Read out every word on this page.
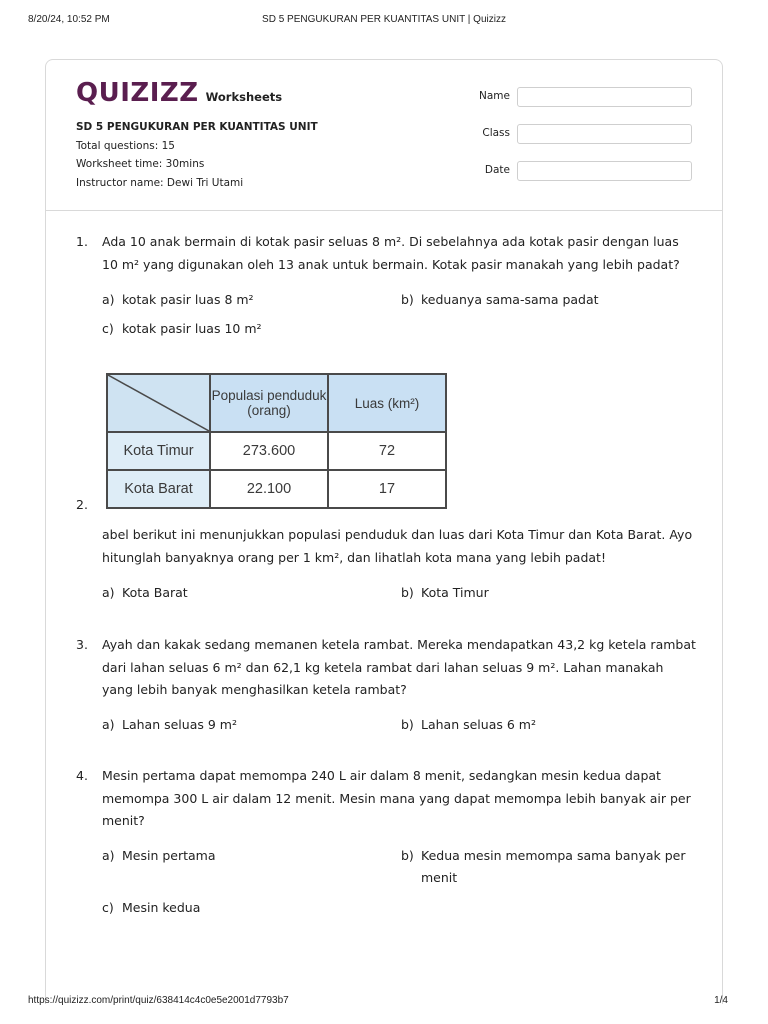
8/20/24, 10:52 PM	SD 5 PENGUKURAN PER KUANTITAS UNIT | Quizizz
QUIZIZZ Worksheets
SD 5 PENGUKURAN PER KUANTITAS UNIT
Total questions: 15
Worksheet time: 30mins
Instructor name: Dewi Tri Utami
Name
Class
Date
1. Ada 10 anak bermain di kotak pasir seluas 8 m². Di sebelahnya ada kotak pasir dengan luas 10 m² yang digunakan oleh 13 anak untuk bermain. Kotak pasir manakah yang lebih padat?
a) kotak pasir luas 8 m²	b) keduanya sama-sama padat
c) kotak pasir luas 10 m²
	Populasi penduduk (orang)	Luas (km²)
Kota Timur	273.600	72
Kota Barat	22.100	17
2.
abel berikut ini menunjukkan populasi penduduk dan luas dari Kota Timur dan Kota Barat. Ayo hitunglah banyaknya orang per 1 km², dan lihatlah kota mana yang lebih padat!
a) Kota Barat	b) Kota Timur
3. Ayah dan kakak sedang memanen ketela rambat. Mereka mendapatkan 43,2 kg ketela rambat dari lahan seluas 6 m² dan 62,1 kg ketela rambat dari lahan seluas 9 m². Lahan manakah yang lebih banyak menghasilkan ketela rambat?
a) Lahan seluas 9 m²	b) Lahan seluas 6 m²
4. Mesin pertama dapat memompa 240 L air dalam 8 menit, sedangkan mesin kedua dapat memompa 300 L air dalam 12 menit. Mesin mana yang dapat memompa lebih banyak air per menit?
a) Mesin pertama	b) Kedua mesin memompa sama banyak per menit
c) Mesin kedua
https://quizizz.com/print/quiz/638414c4c0e5e2001d7793b7	1/4
